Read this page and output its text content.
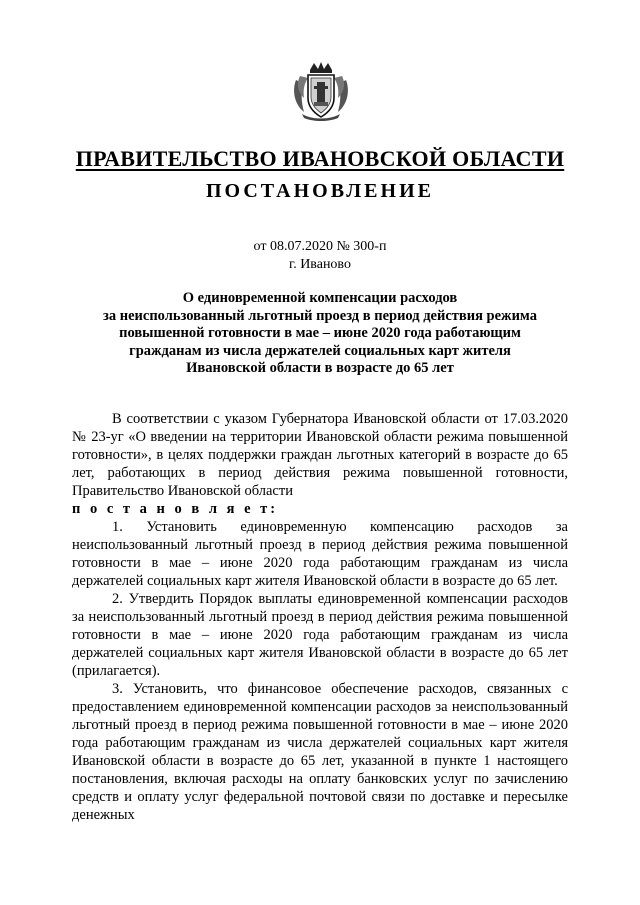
ПРАВИТЕЛЬСТВО ИВАНОВСКОЙ ОБЛАСТИ
ПОСТАНОВЛЕНИЕ
от 08.07.2020 № 300-п
г. Иваново
О единовременной компенсации расходов
за неиспользованный льготный проезд в период действия режима
повышенной готовности в мае – июне 2020 года работающим
гражданам из числа держателей социальных карт жителя
Ивановской области в возрасте до 65 лет

В соответствии с указом Губернатора Ивановской области от 17.03.2020 № 23-уг «О введении на территории Ивановской области режима повышенной готовности», в целях поддержки граждан льготных категорий в возрасте до 65 лет, работающих в период действия режима повышенной готовности, Правительство Ивановской области

п о с т а н о в л я е т:

1. Установить единовременную компенсацию расходов за неиспользованный льготный проезд в период действия режима повышенной готовности в мае – июне 2020 года работающим гражданам из числа держателей социальных карт жителя Ивановской области в возрасте до 65 лет.

2. Утвердить Порядок выплаты единовременной компенсации расходов за неиспользованный льготный проезд в период действия режима повышенной готовности в мае – июне 2020 года работающим гражданам из числа держателей социальных карт жителя Ивановской области в возрасте до 65 лет (прилагается).

3. Установить, что финансовое обеспечение расходов, связанных с предоставлением единовременной компенсации расходов за неиспользованный льготный проезд в период режима повышенной готовности в мае – июне 2020 года работающим гражданам из числа держателей социальных карт жителя Ивановской области в возрасте до 65 лет, указанной в пункте 1 настоящего постановления, включая расходы на оплату банковских услуг по зачислению средств и оплату услуг федеральной почтовой связи по доставке и пересылке денежных
